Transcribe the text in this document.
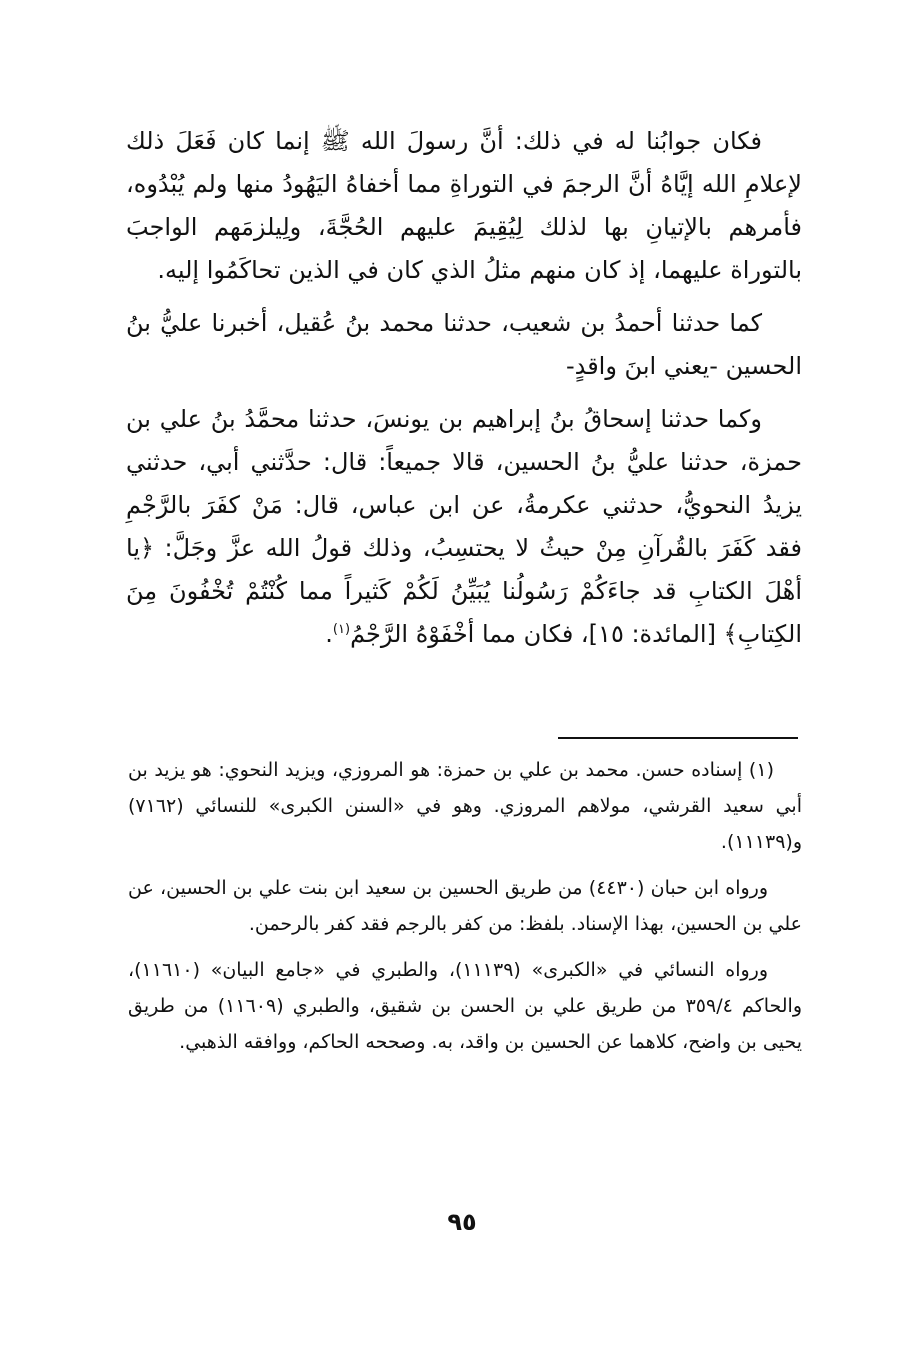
فكان جوابُنا له في ذلك: أنَّ رسولَ الله ﷺ إنما كان فَعَلَ ذلك لإعلامِ الله إيَّاهُ أنَّ الرجمَ في التوراةِ مما أخفاهُ اليَهُودُ منها ولم يُبْدُوه، فأمرهم بالإتيانِ بها لذلك لِيُقِيمَ عليهم الحُجَّةَ، ولِيلزمَهم الواجبَ بالتوراة عليهما، إذ كان منهم مثلُ الذي كان في الذين تحاكَمُوا إليه.

كما حدثنا أحمدُ بن شعيب، حدثنا محمد بنُ عُقيل، أخبرنا عليُّ بنُ الحسين -يعني ابنَ واقدٍ-

وكما حدثنا إسحاقُ بنُ إبراهيم بن يونسَ، حدثنا محمَّدُ بنُ علي بن حمزة، حدثنا عليُّ بنُ الحسين، قالا جميعاً: قال: حدَّثني أبي، حدثني يزيدُ النحويُّ، حدثني عكرمةُ، عن ابن عباس، قال: مَنْ كفَرَ بالرَّجْمِ فقد كَفَرَ بالقُرآنِ مِنْ حيثُ لا يحتسِبُ، وذلك قولُ الله عزَّ وجَلَّ: ﴿يا أهْلَ الكتابِ قد جاءَكُمْ رَسُولُنا يُبَيِّنُ لَكُمْ كَثيراً مما كُنْتُمْ تُخْفُونَ مِنَ الكِتابِ﴾ [المائدة: ١٥]، فكان مما أخْفَوْهُ الرَّجْمُ$^{(١)}$.

(١) إسناده حسن. محمد بن علي بن حمزة: هو المروزي، ويزيد النحوي: هو يزيد بن أبي سعيد القرشي، مولاهم المروزي. وهو في «السنن الكبرى» للنسائي (٧١٦٢) و(١١١٣٩).

ورواه ابن حبان (٤٤٣٠) من طريق الحسين بن سعيد ابن بنت علي بن الحسين، عن علي بن الحسين، بهذا الإسناد. بلفظ: من كفر بالرجم فقد كفر بالرحمن.

ورواه النسائي في «الكبرى» (١١١٣٩)، والطبري في «جامع البيان» (١١٦١٠)، والحاكم ٣٥٩/٤ من طريق علي بن الحسن بن شقيق، والطبري (١١٦٠٩) من طريق يحيى بن واضح، كلاهما عن الحسين بن واقد، به. وصححه الحاكم، ووافقه الذهبي.

٩٥
